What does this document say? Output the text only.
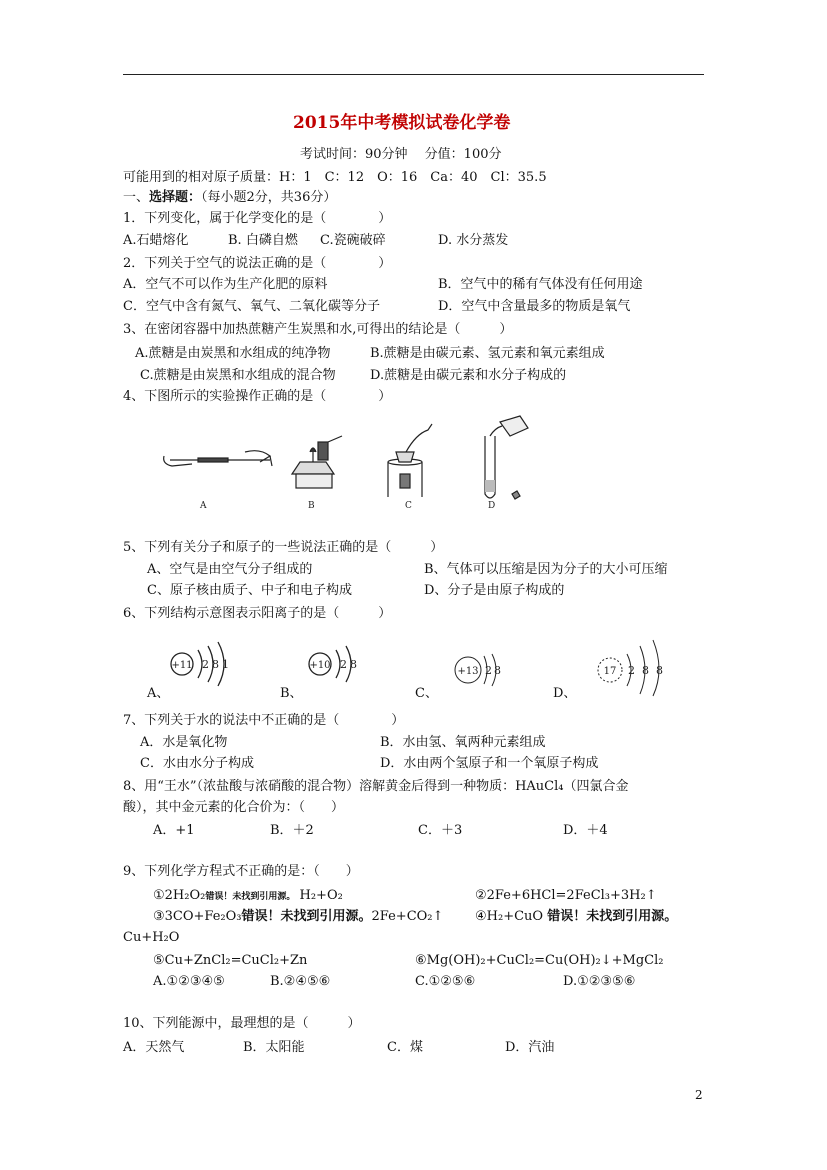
2015年中考模拟试卷化学卷
考试时间：90分钟　 分值：100分
可能用到的相对原子质量：H：1　C：12　O：16　Ca：40　Cl：35.5
一、选择题：（每小题2分，共36分）
1．下列变化，属于化学变化的是（　　　　）
A.石蜡熔化	B. 白磷自燃 C.瓷碗破碎	D. 水分蒸发
2．下列关于空气的说法正确的是（　　　　）
A．空气不可以作为生产化肥的原料	B．空气中的稀有气体没有任何用途
C．空气中含有氮气、氧气、二氧化碳等分子	D．空气中含量最多的物质是氧气
3、在密闭容器中加热蔗糖产生炭黑和水,可得出的结论是（　　　）
A.蔗糖是由炭黑和水组成的纯净物	B.蔗糖是由碳元素、氢元素和氧元素组成
C.蔗糖是由炭黑和水组成的混合物	D.蔗糖是由碳元素和水分子构成的
4、下图所示的实验操作正确的是（　　　　）
A	B	C	D
5、下列有关分子和原子的一些说法正确的是（　　　）
A、空气是由空气分子组成的	B、气体可以压缩是因为分子的大小可压缩
C、原子核由质子、中子和电子构成	D、分子是由原子构成的
6、下列结构示意图表示阳离子的是（　　　）
+11 2 8 1	+10 2 8
+13 2 8	17 2 8 8
A、	B、	C、	D、
7、下列关于水的说法中不正确的是（　　　　）
A．水是氧化物	B．水由氢、氧两种元素组成
C．水由水分子构成	D．水由两个氢原子和一个氧原子构成
8、用“王水”（浓盐酸与浓硝酸的混合物）溶解黄金后得到一种物质：HAuCl₄（四氯合金
酸），其中金元素的化合价为：（　　）
A．+1	B．＋2	C．＋3	D．＋4
9、下列化学方程式不正确的是：（　　）
①2H₂O₂错误！未找到引用源。 H₂+O₂	②2Fe+6HCl=2FeCl₃+3H₂↑
③3CO+Fe₂O₃错误！未找到引用源。2Fe+CO₂↑ ④H₂+CuO 错误！未找到引用源。
Cu+H₂O
⑤Cu+ZnCl₂=CuCl₂+Zn	⑥Mg(OH)₂+CuCl₂=Cu(OH)₂↓+MgCl₂
A.①②③④⑤	B.②④⑤⑥	C.①②⑤⑥	D.①②③⑤⑥
10、下列能源中，最理想的是（　　　）
A．天然气	B．太阳能	C．煤	D．汽油
2
